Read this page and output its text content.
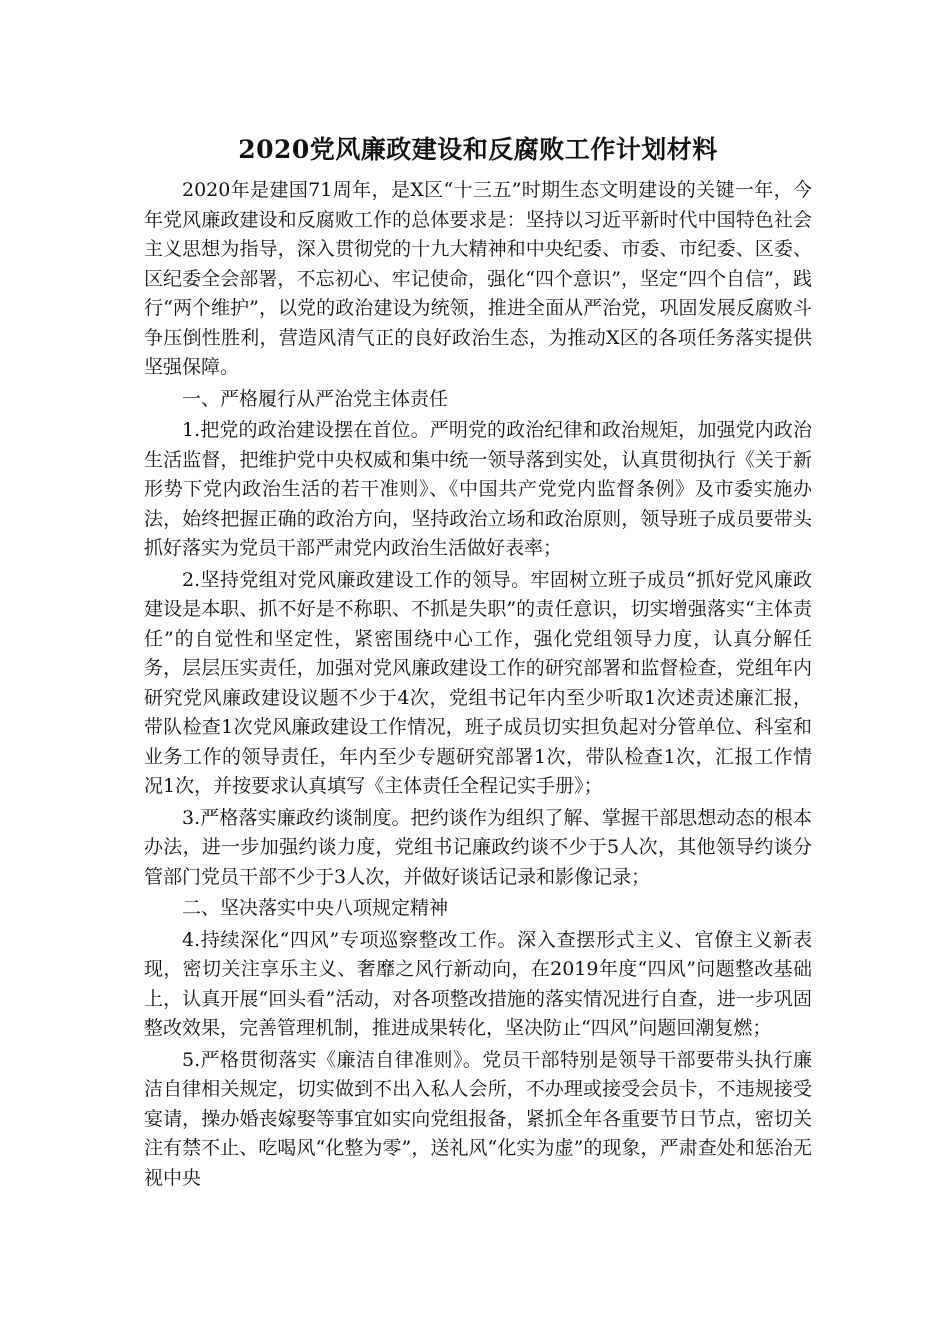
2020党风廉政建设和反腐败工作计划材料

2020年是建国71周年，是X区“十三五”时期生态文明建设的关键一年，今年党风廉政建设和反腐败工作的总体要求是：坚持以习近平新时代中国特色社会主义思想为指导，深入贯彻党的十九大精神和中央纪委、市委、市纪委、区委、区纪委全会部署，不忘初心、牢记使命，强化“四个意识”，坚定“四个自信”，践行“两个维护”，以党的政治建设为统领，推进全面从严治党，巩固发展反腐败斗争压倒性胜利，营造风清气正的良好政治生态，为推动X区的各项任务落实提供坚强保障。

一、严格履行从严治党主体责任

1.把党的政治建设摆在首位。严明党的政治纪律和政治规矩，加强党内政治生活监督，把维护党中央权威和集中统一领导落到实处，认真贯彻执行《关于新形势下党内政治生活的若干准则》、《中国共产党党内监督条例》及市委实施办法，始终把握正确的政治方向，坚持政治立场和政治原则，领导班子成员要带头抓好落实为党员干部严肃党内政治生活做好表率；

2.坚持党组对党风廉政建设工作的领导。牢固树立班子成员“抓好党风廉政建设是本职、抓不好是不称职、不抓是失职”的责任意识，切实增强落实“主体责任”的自觉性和坚定性，紧密围绕中心工作，强化党组领导力度，认真分解任务，层层压实责任，加强对党风廉政建设工作的研究部署和监督检查，党组年内研究党风廉政建设议题不少于4次，党组书记年内至少听取1次述责述廉汇报，带队检查1次党风廉政建设工作情况，班子成员切实担负起对分管单位、科室和业务工作的领导责任，年内至少专题研究部署1次，带队检查1次，汇报工作情况1次，并按要求认真填写《主体责任全程记实手册》；

3.严格落实廉政约谈制度。把约谈作为组织了解、掌握干部思想动态的根本办法，进一步加强约谈力度，党组书记廉政约谈不少于5人次，其他领导约谈分管部门党员干部不少于3人次，并做好谈话记录和影像记录；

二、坚决落实中央八项规定精神

4.持续深化“四风”专项巡察整改工作。深入查摆形式主义、官僚主义新表现，密切关注享乐主义、奢靡之风行新动向，在2019年度“四风”问题整改基础上，认真开展“回头看”活动，对各项整改措施的落实情况进行自查，进一步巩固整改效果，完善管理机制，推进成果转化，坚决防止“四风”问题回潮复燃；

5.严格贯彻落实《廉洁自律准则》。党员干部特别是领导干部要带头执行廉洁自律相关规定，切实做到不出入私人会所，不办理或接受会员卡，不违规接受宴请，操办婚丧嫁娶等事宜如实向党组报备，紧抓全年各重要节日节点，密切关注有禁不止、吃喝风“化整为零”，送礼风“化实为虚”的现象，严肃查处和惩治无视中央
